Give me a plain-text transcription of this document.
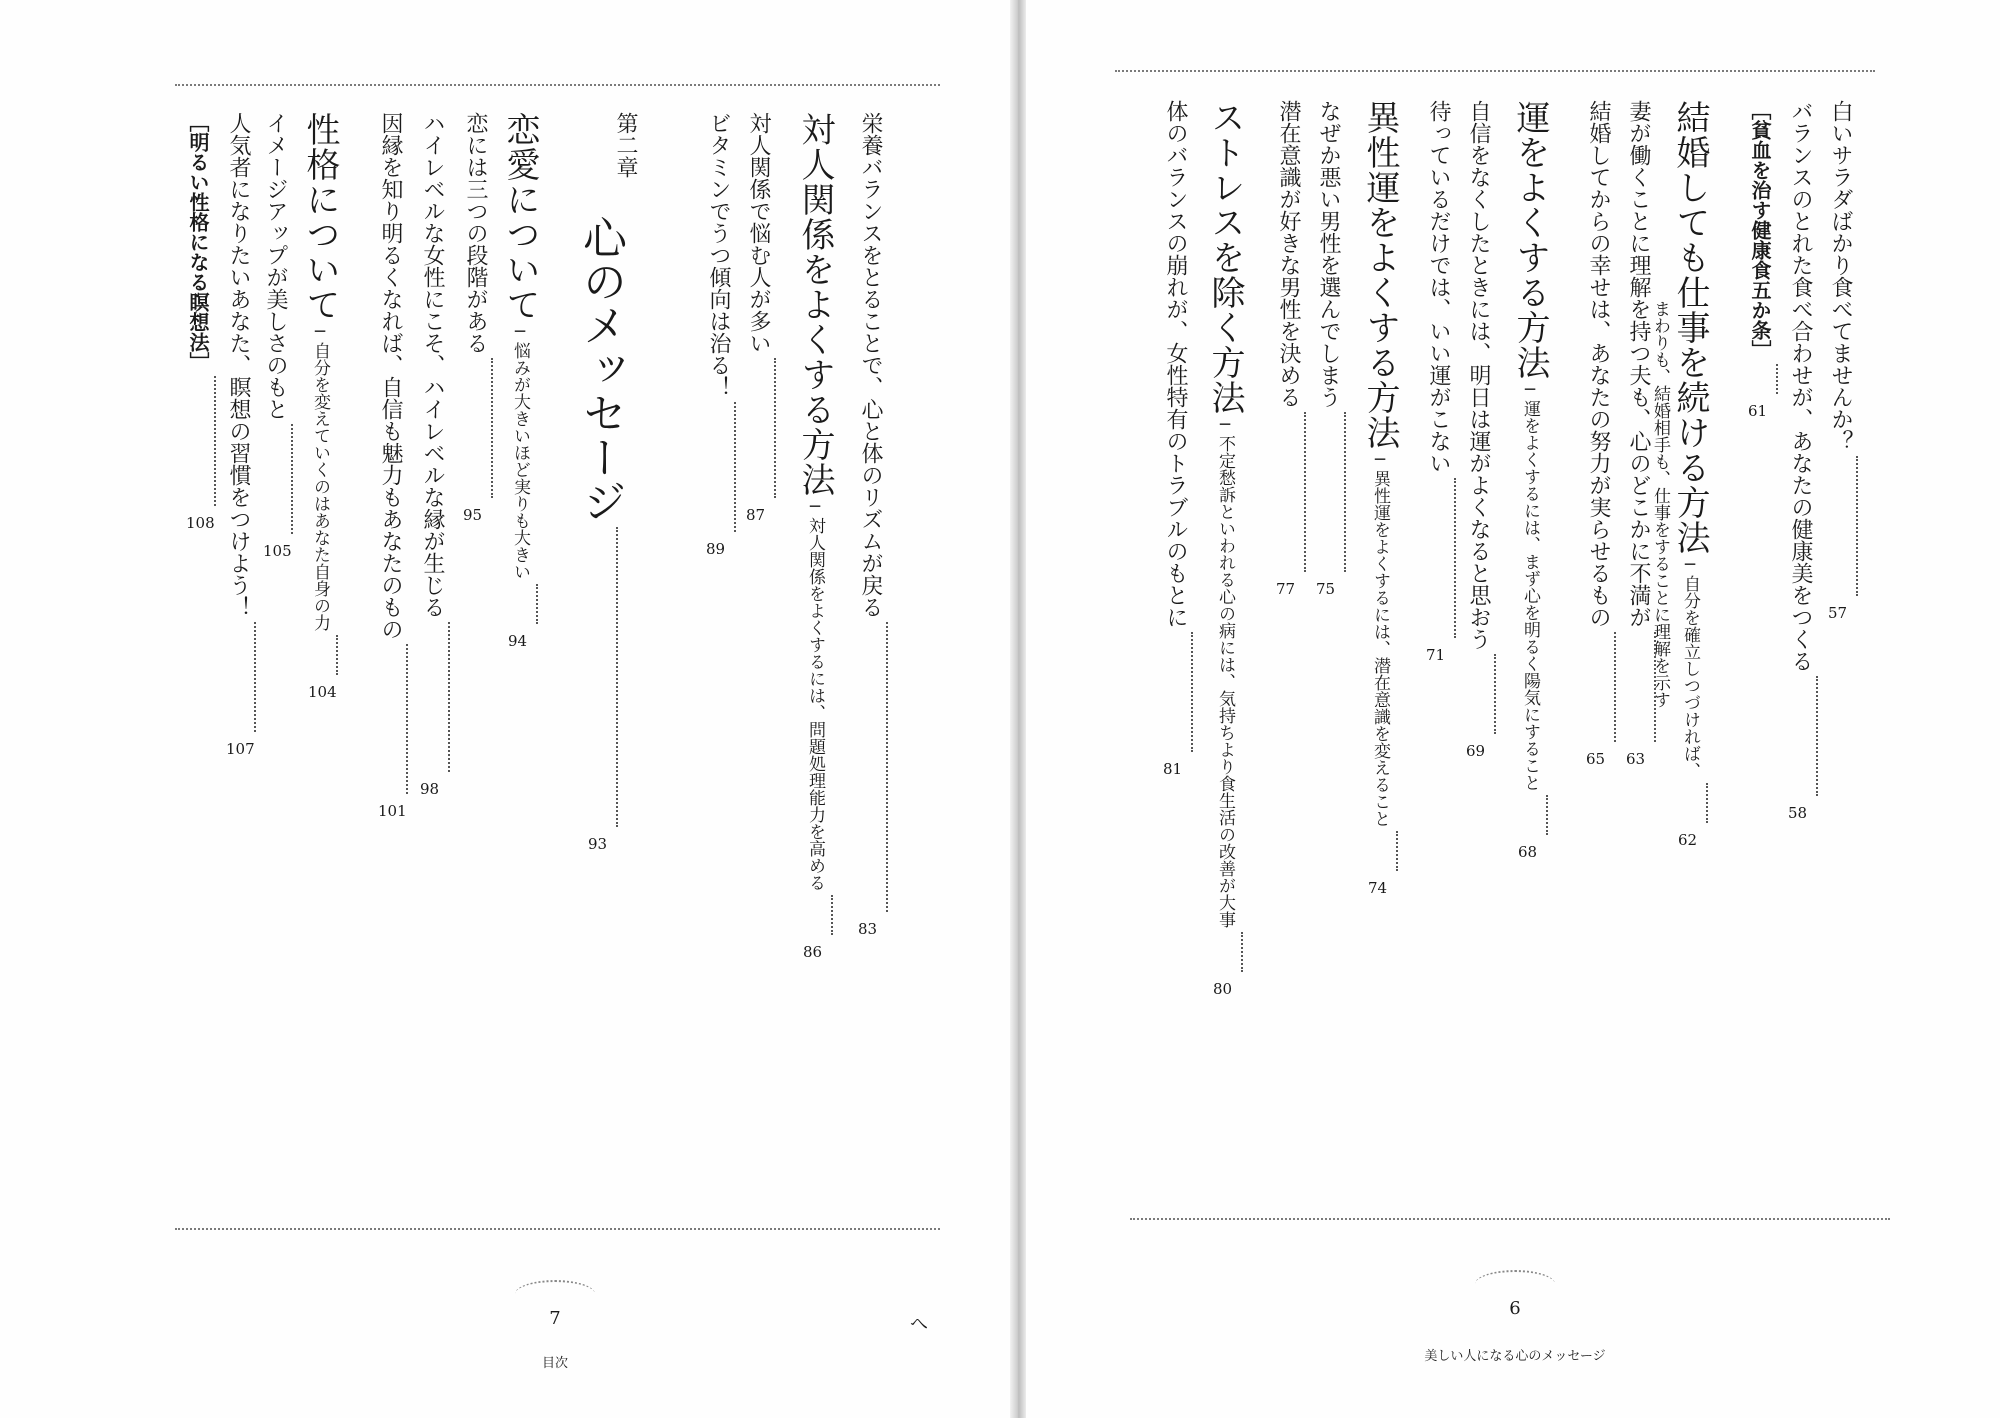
7
目次
へ
6
美しい人になる心のメッセージ
栄養バランスをとることで、心と体のリズムが戻る
対人関係をよくする方法─対人関係をよくするには、問題処理能力を高める
対人関係で悩む人が多い
ビタミンでうつ傾向は治る！
第二章
心のメッセージ
恋愛について─悩みが大きいほど実りも大きい
恋には三つの段階がある
ハイレベルな女性にこそ、ハイレベルな縁が生じる
因縁を知り明るくなれば、自信も魅力もあなたのもの
性格について─自分を変えていくのはあなた自身の力
イメージアップが美しさのもと
人気者になりたいあなた、瞑想の習慣をつけよう！
［明るい性格になる瞑想法］	白いサラダばかり食べてませんか？
バランスのとれた食べ合わせが、あなたの健康美をつくる
［貧血を治す健康食五か条］
まわりも、結婚相手も、仕事をすることに理解を示す 結婚しても仕事を続ける方法─自分を確立しつづければ、
妻が働くことに理解を持つ夫も、心のどこかに不満が
結婚してからの幸せは、あなたの努力が実らせるもの
運をよくする方法─運をよくするには、まず心を明るく陽気にすること
自信をなくしたときには、明日は運がよくなると思おう
待っているだけでは、いい運がこない
異性運をよくする方法─異性運をよくするには、潜在意識を変えること
なぜか悪い男性を選んでしまう
潜在意識が好きな男性を決める
ストレスを除く方法─不定愁訴といわれる心の病には、気持ちより食生活の改善が大事
体のバランスの崩れが、女性特有のトラブルのもとに
83
86
87
89
93
94
95
98
101
104
105
107
108
57
58
61
62
63
65
68
69
71
74
75
77
80
81
